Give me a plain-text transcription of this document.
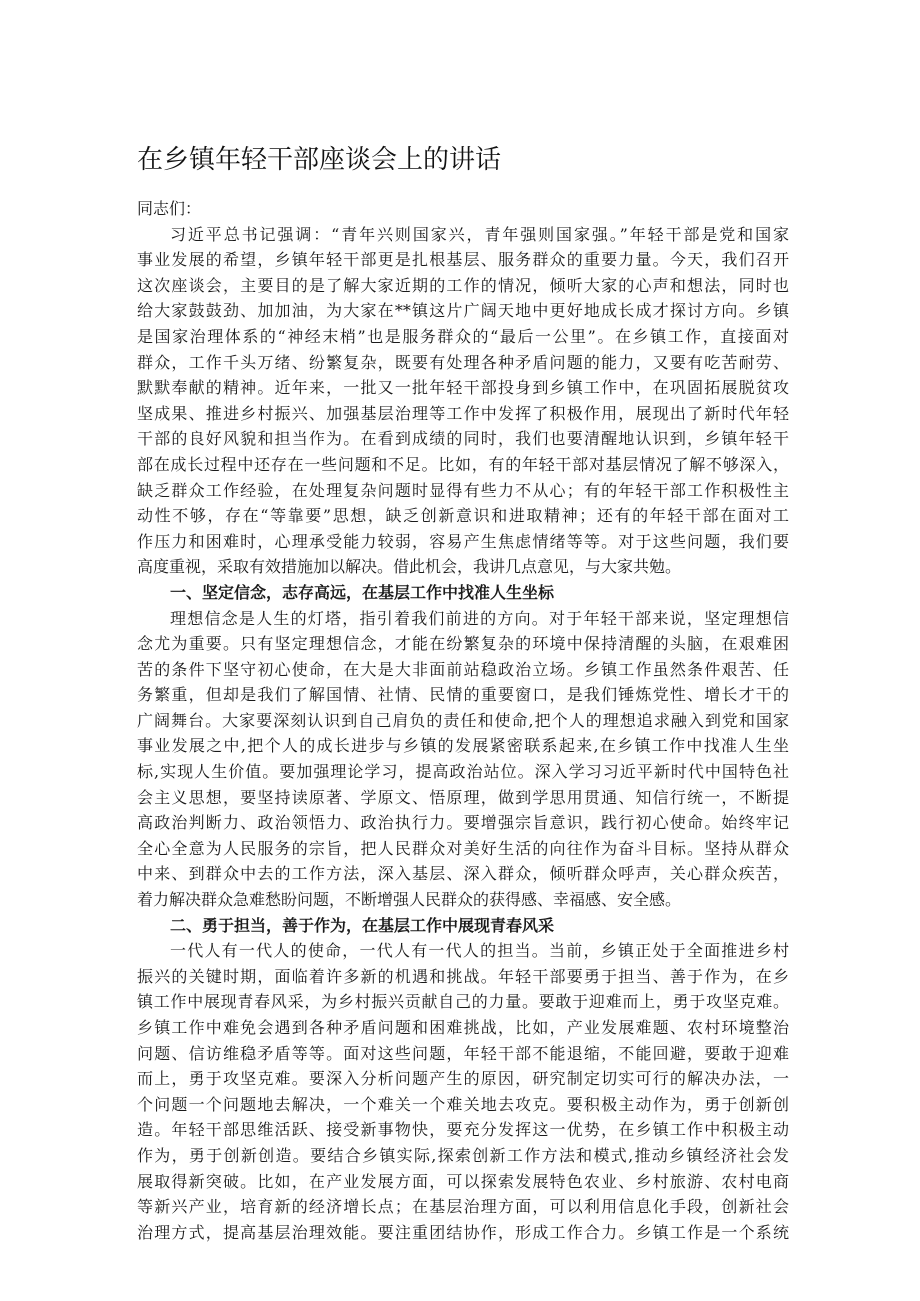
在乡镇年轻干部座谈会上的讲话
同志们：
习近平总书记强调：“青年兴则国家兴，青年强则国家强。”年轻干部是党和国家
事业发展的希望，乡镇年轻干部更是扎根基层、服务群众的重要力量。今天，我们召开
这次座谈会，主要目的是了解大家近期的工作的情况，倾听大家的心声和想法，同时也
给大家鼓鼓劲、加加油，为大家在**镇这片广阔天地中更好地成长成才探讨方向。乡镇
是国家治理体系的“神经末梢”也是服务群众的“最后一公里”。在乡镇工作，直接面对
群众，工作千头万绪、纷繁复杂，既要有处理各种矛盾问题的能力，又要有吃苦耐劳、
默默奉献的精神。近年来，一批又一批年轻干部投身到乡镇工作中，在巩固拓展脱贫攻
坚成果、推进乡村振兴、加强基层治理等工作中发挥了积极作用，展现出了新时代年轻
干部的良好风貌和担当作为。在看到成绩的同时，我们也要清醒地认识到，乡镇年轻干
部在成长过程中还存在一些问题和不足。比如，有的年轻干部对基层情况了解不够深入，
缺乏群众工作经验，在处理复杂问题时显得有些力不从心；有的年轻干部工作积极性主
动性不够，存在“等靠要”思想，缺乏创新意识和进取精神；还有的年轻干部在面对工
作压力和困难时，心理承受能力较弱，容易产生焦虑情绪等等。对于这些问题，我们要
高度重视，采取有效措施加以解决。借此机会，我讲几点意见，与大家共勉。
一、坚定信念，志存高远，在基层工作中找准人生坐标
理想信念是人生的灯塔，指引着我们前进的方向。对于年轻干部来说，坚定理想信
念尤为重要。只有坚定理想信念，才能在纷繁复杂的环境中保持清醒的头脑，在艰难困
苦的条件下坚守初心使命，在大是大非面前站稳政治立场。乡镇工作虽然条件艰苦、任
务繁重，但却是我们了解国情、社情、民情的重要窗口，是我们锤炼党性、增长才干的
广阔舞台。大家要深刻认识到自己肩负的责任和使命,把个人的理想追求融入到党和国家
事业发展之中,把个人的成长进步与乡镇的发展紧密联系起来,在乡镇工作中找准人生坐
标,实现人生价值。要加强理论学习，提高政治站位。深入学习习近平新时代中国特色社
会主义思想，要坚持读原著、学原文、悟原理，做到学思用贯通、知信行统一，不断提
高政治判断力、政治领悟力、政治执行力。要增强宗旨意识，践行初心使命。始终牢记
全心全意为人民服务的宗旨，把人民群众对美好生活的向往作为奋斗目标。坚持从群众
中来、到群众中去的工作方法，深入基层、深入群众，倾听群众呼声，关心群众疾苦，
着力解决群众急难愁盼问题，不断增强人民群众的获得感、幸福感、安全感。
二、勇于担当，善于作为，在基层工作中展现青春风采
一代人有一代人的使命，一代人有一代人的担当。当前，乡镇正处于全面推进乡村
振兴的关键时期，面临着许多新的机遇和挑战。年轻干部要勇于担当、善于作为，在乡
镇工作中展现青春风采，为乡村振兴贡献自己的力量。要敢于迎难而上，勇于攻坚克难。
乡镇工作中难免会遇到各种矛盾问题和困难挑战，比如，产业发展难题、农村环境整治
问题、信访维稳矛盾等等。面对这些问题，年轻干部不能退缩，不能回避，要敢于迎难
而上，勇于攻坚克难。要深入分析问题产生的原因，研究制定切实可行的解决办法，一
个问题一个问题地去解决，一个难关一个难关地去攻克。要积极主动作为，勇于创新创
造。年轻干部思维活跃、接受新事物快，要充分发挥这一优势，在乡镇工作中积极主动
作为，勇于创新创造。要结合乡镇实际,探索创新工作方法和模式,推动乡镇经济社会发
展取得新突破。比如，在产业发展方面，可以探索发展特色农业、乡村旅游、农村电商
等新兴产业，培育新的经济增长点；在基层治理方面，可以利用信息化手段，创新社会
治理方式，提高基层治理效能。要注重团结协作，形成工作合力。乡镇工作是一个系统
